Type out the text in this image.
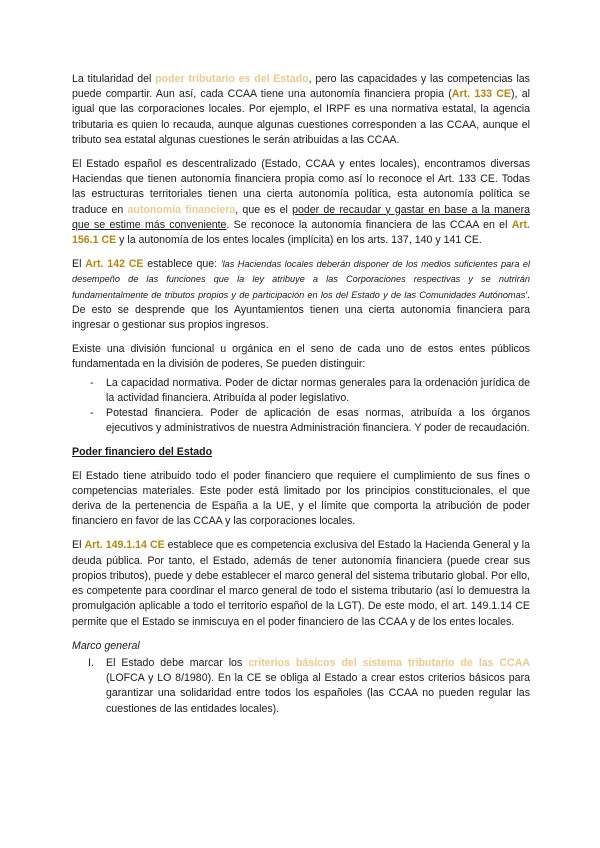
La titularidad del poder tributario es del Estado, pero las capacidades y las competencias las puede compartir. Aun así, cada CCAA tiene una autonomía financiera propia (Art. 133 CE), al igual que las corporaciones locales. Por ejemplo, el IRPF es una normativa estatal, la agencia tributaria es quien lo recauda, aunque algunas cuestiones corresponden a las CCAA, aunque el tributo sea estatal algunas cuestiones le serán atribuidas a las CCAA.

El Estado español es descentralizado (Estado, CCAA y entes locales), encontramos diversas Haciendas que tienen autonomía financiera propia como así lo reconoce el Art. 133 CE. Todas las estructuras territoriales tienen una cierta autonomía política, esta autonomía política se traduce en autonomía financiera, que es el poder de recaudar y gastar en base a la manera que se estime más conveniente. Se reconoce la autonomía financiera de las CCAA en el Art. 156.1 CE y la autonomía de los entes locales (implícita) en los arts. 137, 140 y 141 CE.

El Art. 142 CE establece que: 'las Haciendas locales deberán disponer de los medios suficientes para el desempeño de las funciones que la ley atribuye a las Corporaciones respectivas y se nutrirán fundamentalmente de tributos propios y de participación en los del Estado y de las Comunidades Autónomas'. De esto se desprende que los Ayuntamientos tienen una cierta autonomía financiera para ingresar o gestionar sus propios ingresos.

Existe una división funcional u orgánica en el seno de cada uno de estos entes públicos fundamentada en la división de poderes, Se pueden distinguir:

- La capacidad normativa. Poder de dictar normas generales para la ordenación jurídica de la actividad financiera. Atribuída al poder legislativo.
- Potestad financiera. Poder de aplicación de esas normas, atribuída a los órganos ejecutivos y administrativos de nuestra Administración financiera. Y poder de recaudación.
Poder financiero del Estado

El Estado tiene atribuido todo el poder financiero que requiere el cumplimiento de sus fines o competencias materiales. Este poder está limitado por los principios constitucionales, el que deriva de la pertenencia de España a la UE, y el límite que comporta la atribución de poder financiero en favor de las CCAA y las corporaciones locales.

El Art. 149.1.14 CE establece que es competencia exclusiva del Estado la Hacienda General y la deuda pública. Por tanto, el Estado, además de tener autonomía financiera (puede crear sus propios tributos), puede y debe establecer el marco general del sistema tributario global. Por ello, es competente para coordinar el marco general de todo el sistema tributario (así lo demuestra la promulgación aplicable a todo el territorio español de la LGT). De este modo, el art. 149.1.14 CE permite que el Estado se inmiscuya en el poder financiero de las CCAA y de los entes locales.

Marco general
I. El Estado debe marcar los criterios básicos del sistema tributario de las CCAA (LOFCA y LO 8/1980). En la CE se obliga al Estado a crear estos criterios básicos para garantizar una solidaridad entre todos los españoles (las CCAA no pueden regular las cuestiones de las entidades locales).
